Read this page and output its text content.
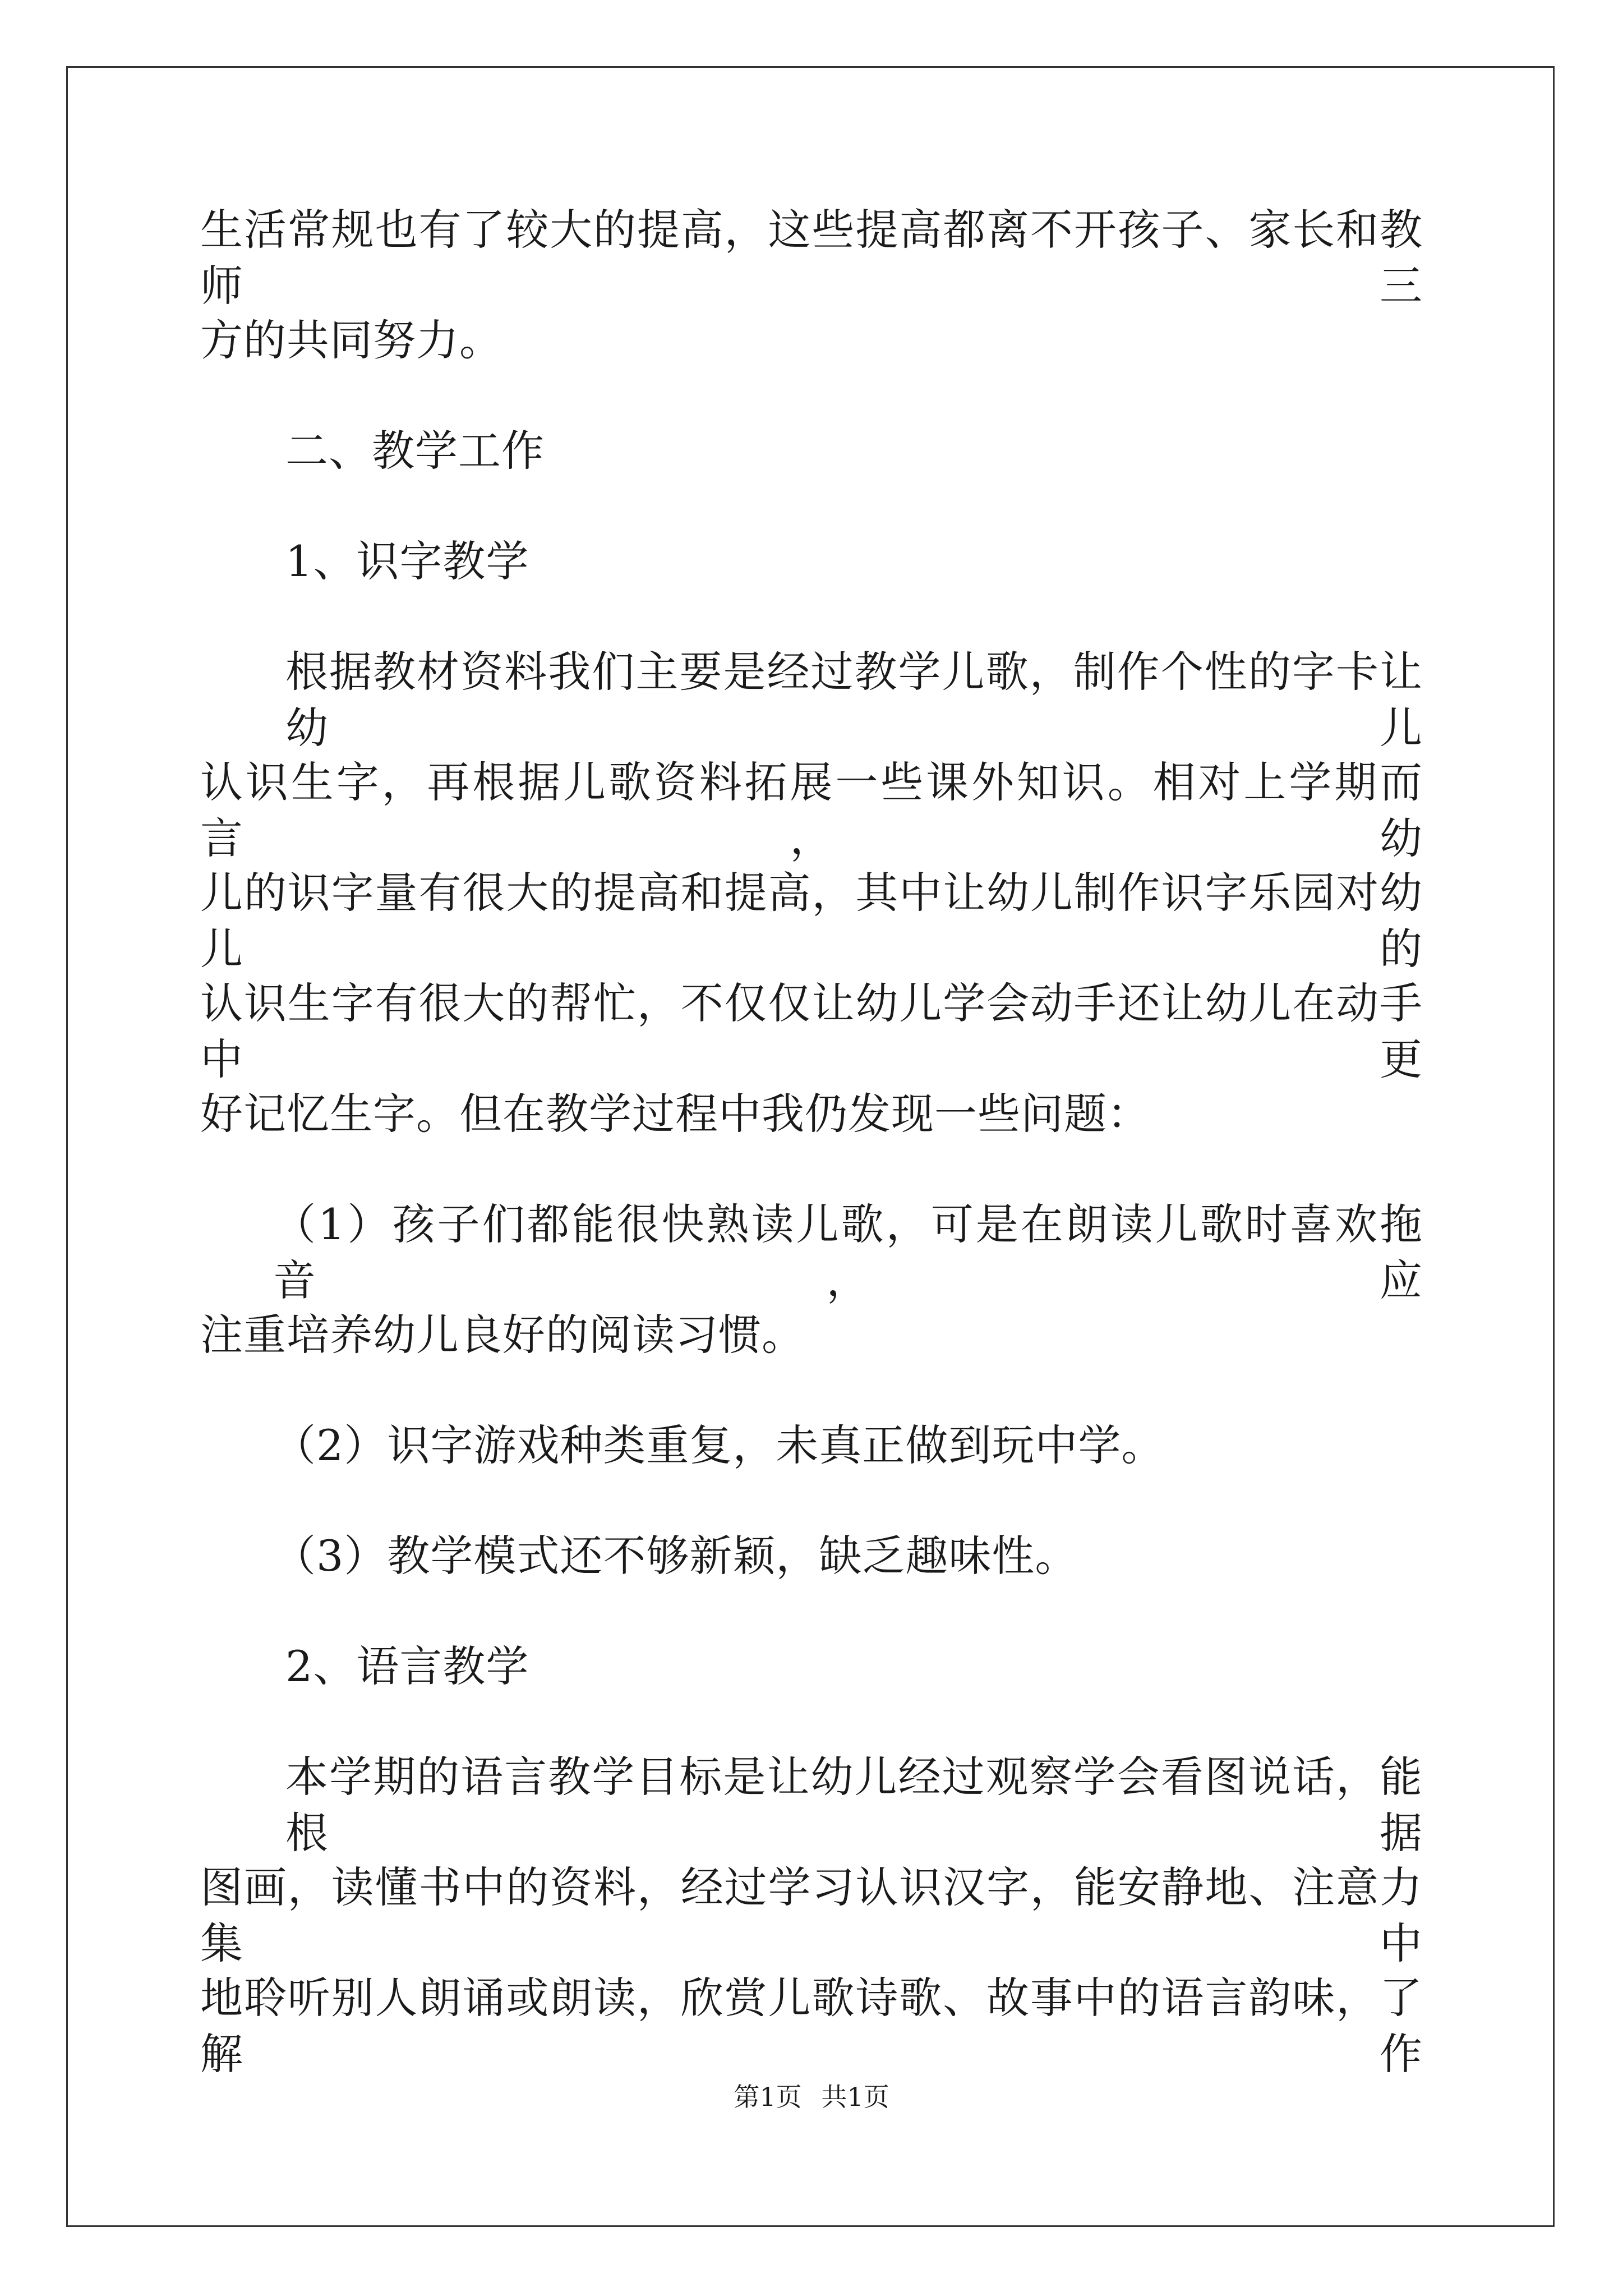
生活常规也有了较大的提高，这些提高都离不开孩子、家长和教师三
方的共同努力。
二、教学工作
1、识字教学
根据教材资料我们主要是经过教学儿歌，制作个性的字卡让幼儿
认识生字，再根据儿歌资料拓展一些课外知识。相对上学期而言，幼
儿的识字量有很大的提高和提高，其中让幼儿制作识字乐园对幼儿的
认识生字有很大的帮忙，不仅仅让幼儿学会动手还让幼儿在动手中更
好记忆生字。但在教学过程中我仍发现一些问题：
（1）孩子们都能很快熟读儿歌，可是在朗读儿歌时喜欢拖音，应
注重培养幼儿良好的阅读习惯。
（2）识字游戏种类重复，未真正做到玩中学。
（3）教学模式还不够新颖，缺乏趣味性。
2、语言教学
本学期的语言教学目标是让幼儿经过观察学会看图说话，能根据
图画，读懂书中的资料，经过学习认识汉字，能安静地、注意力集中
地聆听别人朗诵或朗读，欣赏儿歌诗歌、故事中的语言韵味，了解作
第1页 共1页
